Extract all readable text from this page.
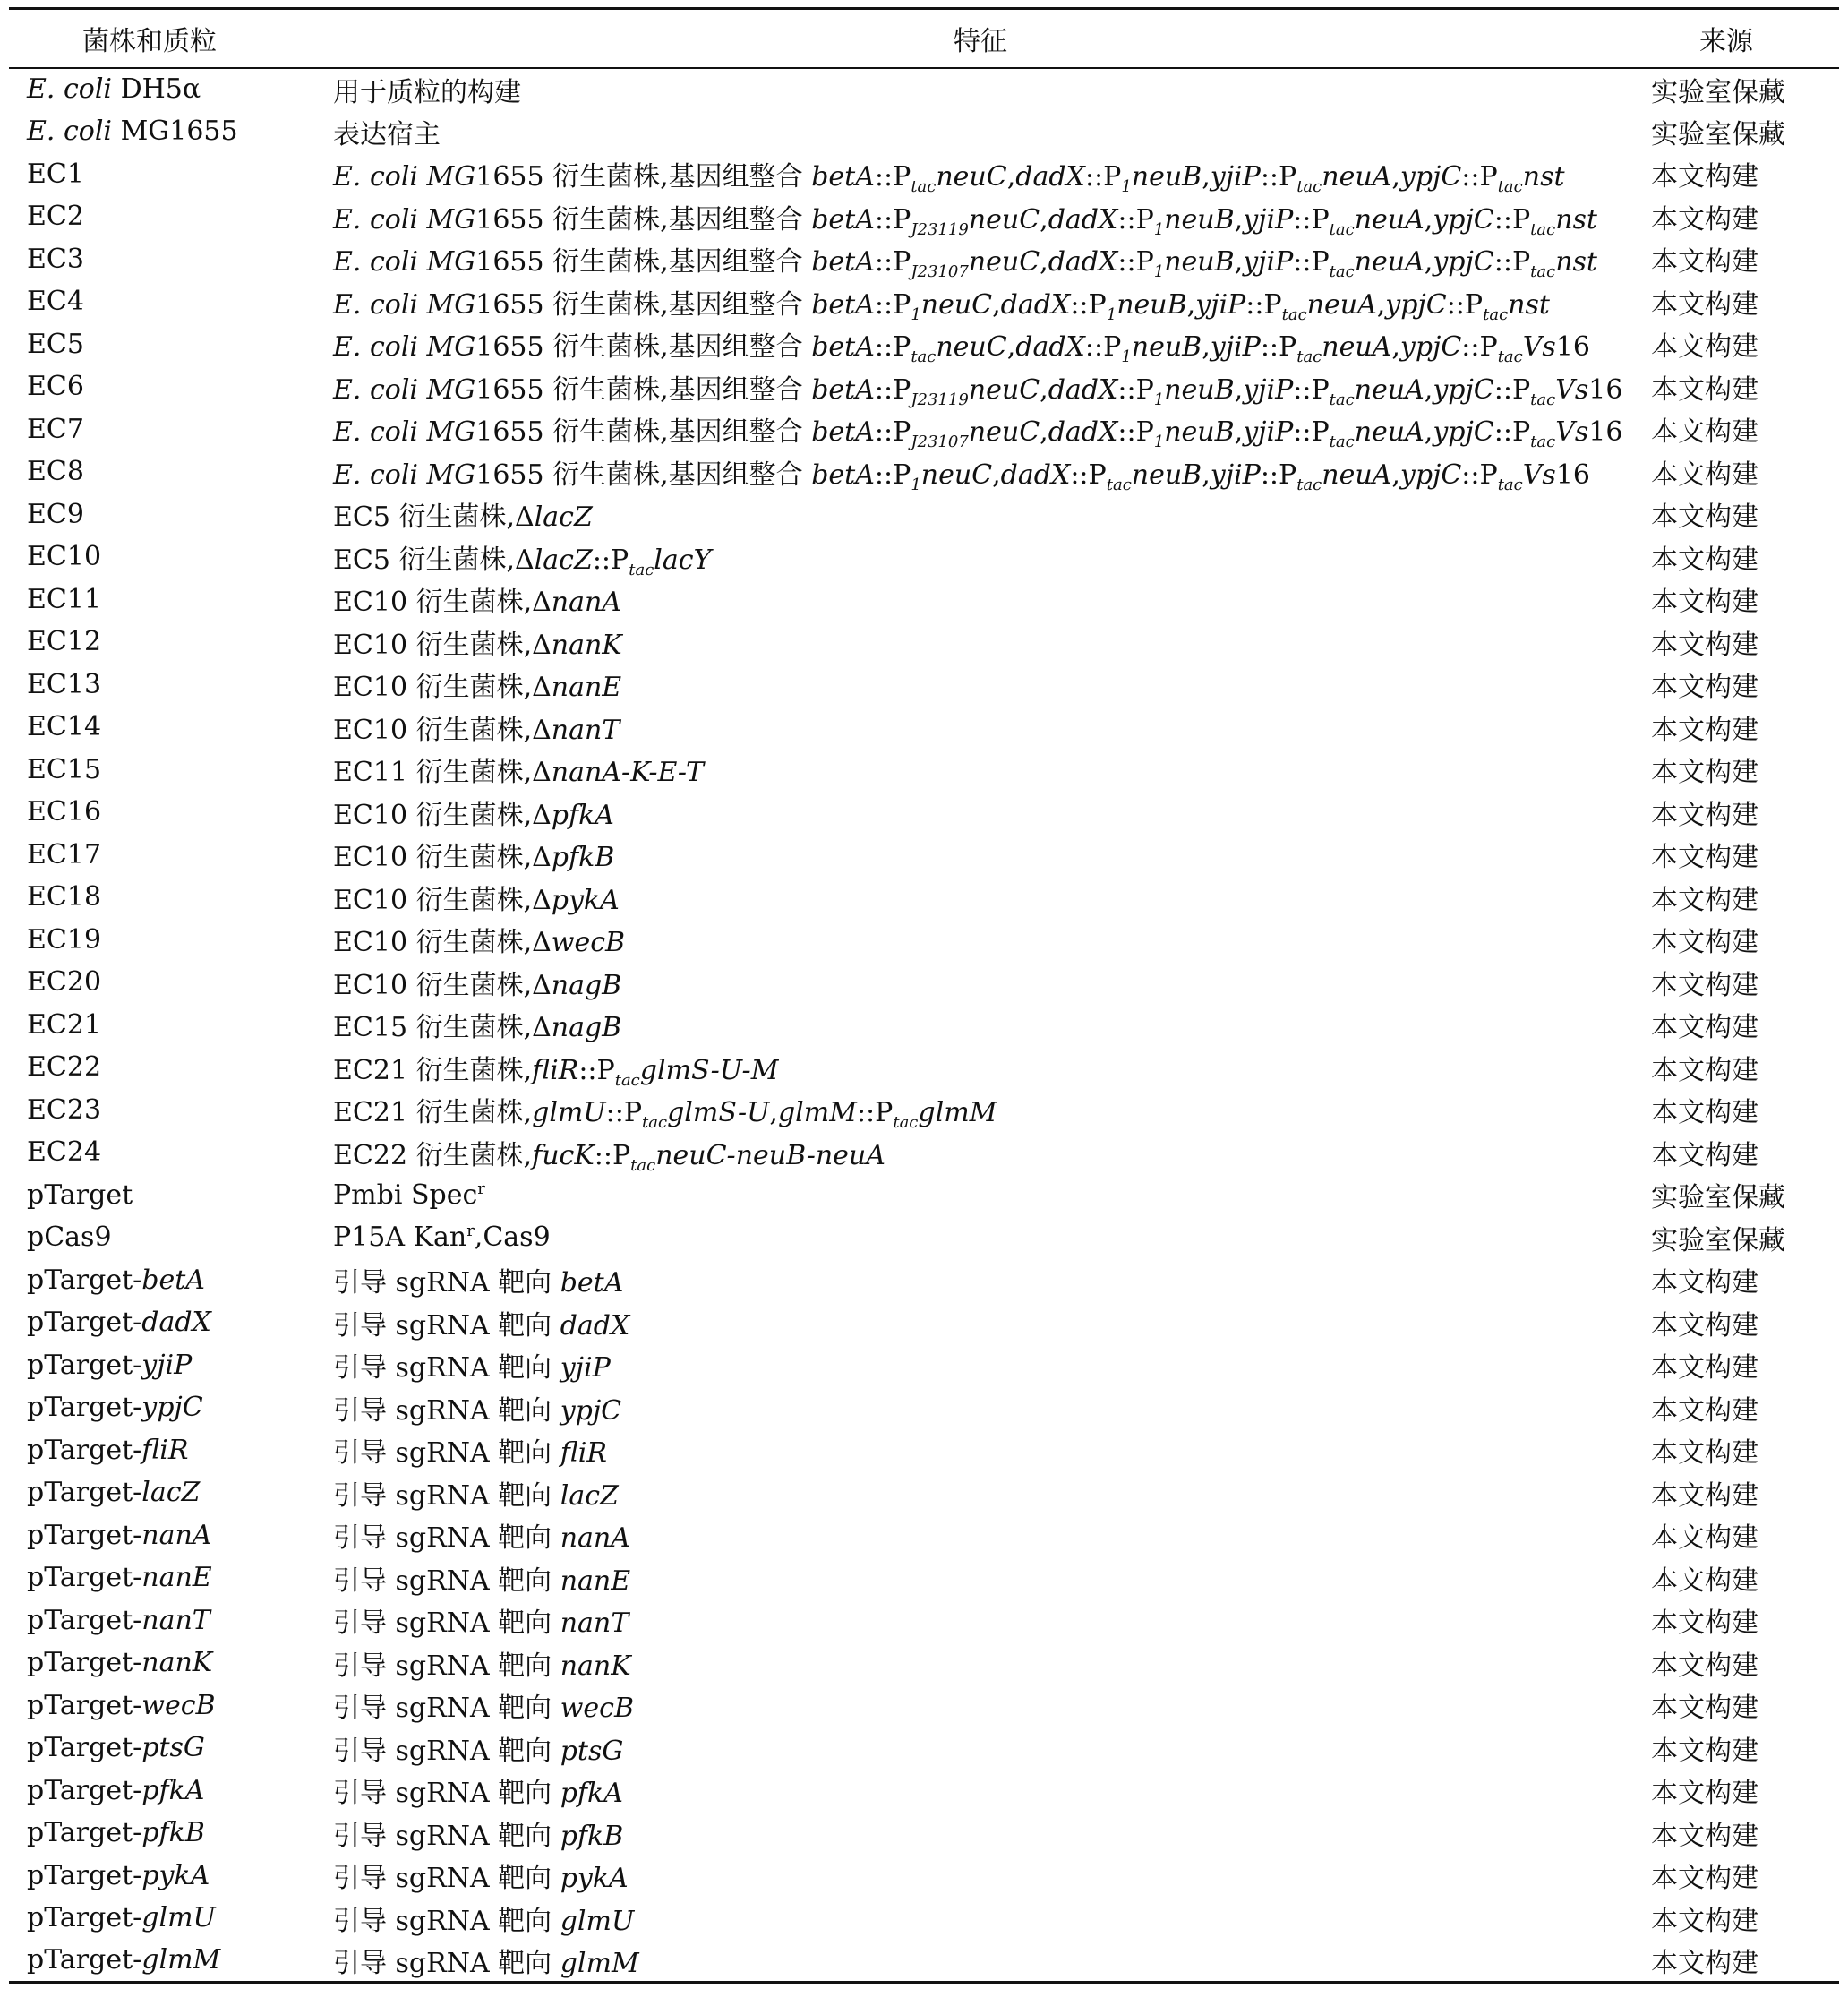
菌株和质粒	特征	来源
E. coli DH5α	用于质粒的构建	实验室保藏
E. coli MG1655	表达宿主	实验室保藏
EC1	E. coli MG1655 衍生菌株,基因组整合 $betA::P_{tac}neuC,dadX::P_1neuB,yjiP::P_{tac}neuA,ypjC::P_{tac}nst$	本文构建
EC2	E. coli MG1655 衍生菌株,基因组整合 $betA::P_{J23119}neuC,dadX::P_1neuB,yjiP::P_{tac}neuA,ypjC::P_{tac}nst$	本文构建
EC3	E. coli MG1655 衍生菌株,基因组整合 $betA::P_{J23107}neuC,dadX::P_1neuB,yjiP::P_{tac}neuA,ypjC::P_{tac}nst$	本文构建
EC4	E. coli MG1655 衍生菌株,基因组整合 $betA::P_1neuC,dadX::P_1neuB,yjiP::P_{tac}neuA,ypjC::P_{tac}nst$	本文构建
EC5	E. coli MG1655 衍生菌株,基因组整合 $betA::P_{tac}neuC,dadX::P_1neuB,yjiP::P_{tac}neuA,ypjC::P_{tac}Vs16$	本文构建
EC6	E. coli MG1655 衍生菌株,基因组整合 $betA::P_{J23119}neuC,dadX::P_1neuB,yjiP::P_{tac}neuA,ypjC::P_{tac}Vs16$	本文构建
EC7	E. coli MG1655 衍生菌株,基因组整合 $betA::P_{J23107}neuC,dadX::P_1neuB,yjiP::P_{tac}neuA,ypjC::P_{tac}Vs16$	本文构建
EC8	E. coli MG1655 衍生菌株,基因组整合 $betA::P_1neuC,dadX::P_{tac}neuB,yjiP::P_{tac}neuA,ypjC::P_{tac}Vs16$	本文构建
EC9	EC5 衍生菌株,ΔlacZ	本文构建
EC10	EC5 衍生菌株$,\Delta lacZ::P_{tac}lacY$	本文构建
EC11	EC10 衍生菌株,ΔnanA	本文构建
EC12	EC10 衍生菌株,ΔnanK	本文构建
EC13	EC10 衍生菌株,ΔnanE	本文构建
EC14	EC10 衍生菌株,ΔnanT	本文构建
EC15	EC11 衍生菌株,ΔnanA-K-E-T	本文构建
EC16	EC10 衍生菌株,ΔpfkA	本文构建
EC17	EC10 衍生菌株,ΔpfkB	本文构建
EC18	EC10 衍生菌株,ΔpykA	本文构建
EC19	EC10 衍生菌株,ΔwecB	本文构建
EC20	EC10 衍生菌株,ΔnagB	本文构建
EC21	EC15 衍生菌株,ΔnagB	本文构建
EC22	EC21 衍生菌株$,fliR::P_{tac}glmS-U-M$	本文构建
EC23	EC21 衍生菌株$,glmU::P_{tac}glmS-U,glmM::P_{tac}glmM$	本文构建
EC24	EC22 衍生菌株$,fucK::P_{tac}neuC-neuB$-neuA	本文构建
pTarget	Pmbi Spec$^r$	实验室保藏
pCas9	P15A Kan$^r$,Cas9	实验室保藏
pTarget-betA	引导 sgRNA 靶向 betA	本文构建
pTarget-dadX	引导 sgRNA 靶向 dadX	本文构建
pTarget-yjiP	引导 sgRNA 靶向 yjiP	本文构建
pTarget-ypjC	引导 sgRNA 靶向 ypjC	本文构建
pTarget-fliR	引导 sgRNA 靶向 fliR	本文构建
pTarget-lacZ	引导 sgRNA 靶向 lacZ	本文构建
pTarget-nanA	引导 sgRNA 靶向 nanA	本文构建
pTarget-nanE	引导 sgRNA 靶向 nanE	本文构建
pTarget-nanT	引导 sgRNA 靶向 nanT	本文构建
pTarget-nanK	引导 sgRNA 靶向 nanK	本文构建
pTarget-wecB	引导 sgRNA 靶向 wecB	本文构建
pTarget-ptsG	引导 sgRNA 靶向 ptsG	本文构建
pTarget-pfkA	引导 sgRNA 靶向 pfkA	本文构建
pTarget-pfkB	引导 sgRNA 靶向 pfkB	本文构建
pTarget-pykA	引导 sgRNA 靶向 pykA	本文构建
pTarget-glmU	引导 sgRNA 靶向 glmU	本文构建
pTarget-glmM	引导 sgRNA 靶向 glmM	本文构建
